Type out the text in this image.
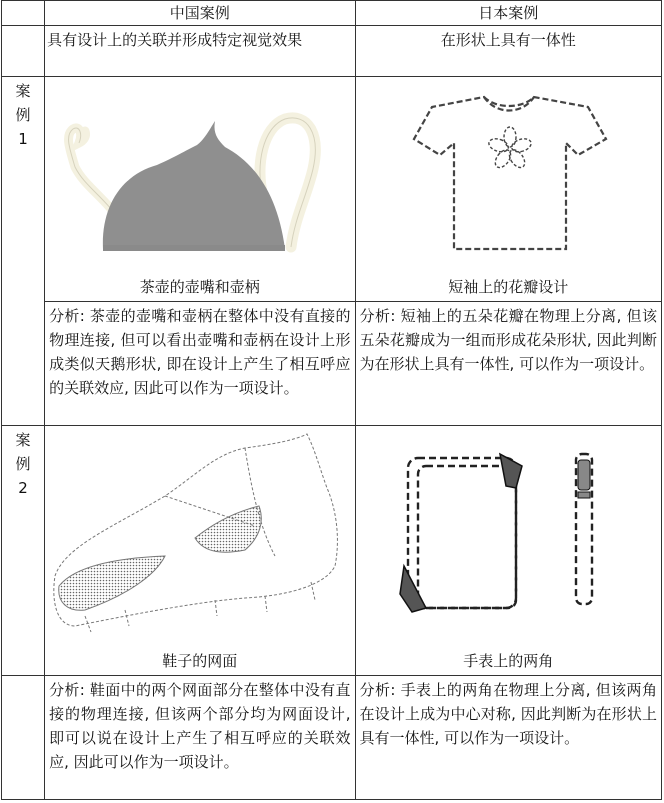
	中国案例	日本案例
	具有设计上的关联并形成特定视觉效果	在形状上具有一体性

案
例
1	茶壶的壶嘴和壶柄	短袖上的花瓣设计

	分析: 茶壶的壶嘴和壶柄在整体中没有直接的物理连接, 但可以看出壶嘴和壶柄在设计上形成类似天鹅形状, 即在设计上产生了相互呼应的关联效应, 因此可以作为一项设计。	分析: 短袖上的五朵花瓣在物理上分离, 但该五朵花瓣成为一组而形成花朵形状, 因此判断为在形状上具有一体性, 可以作为一项设计。

案
例
2	鞋子的网面	手表上的两角

	分析: 鞋面中的两个网面部分在整体中没有直接的物理连接, 但该两个部分均为网面设计, 即可以说在设计上产生了相互呼应的关联效应, 因此可以作为一项设计。	分析: 手表上的两角在物理上分离, 但该两角在设计上成为中心对称, 因此判断为在形状上具有一体性, 可以作为一项设计。
